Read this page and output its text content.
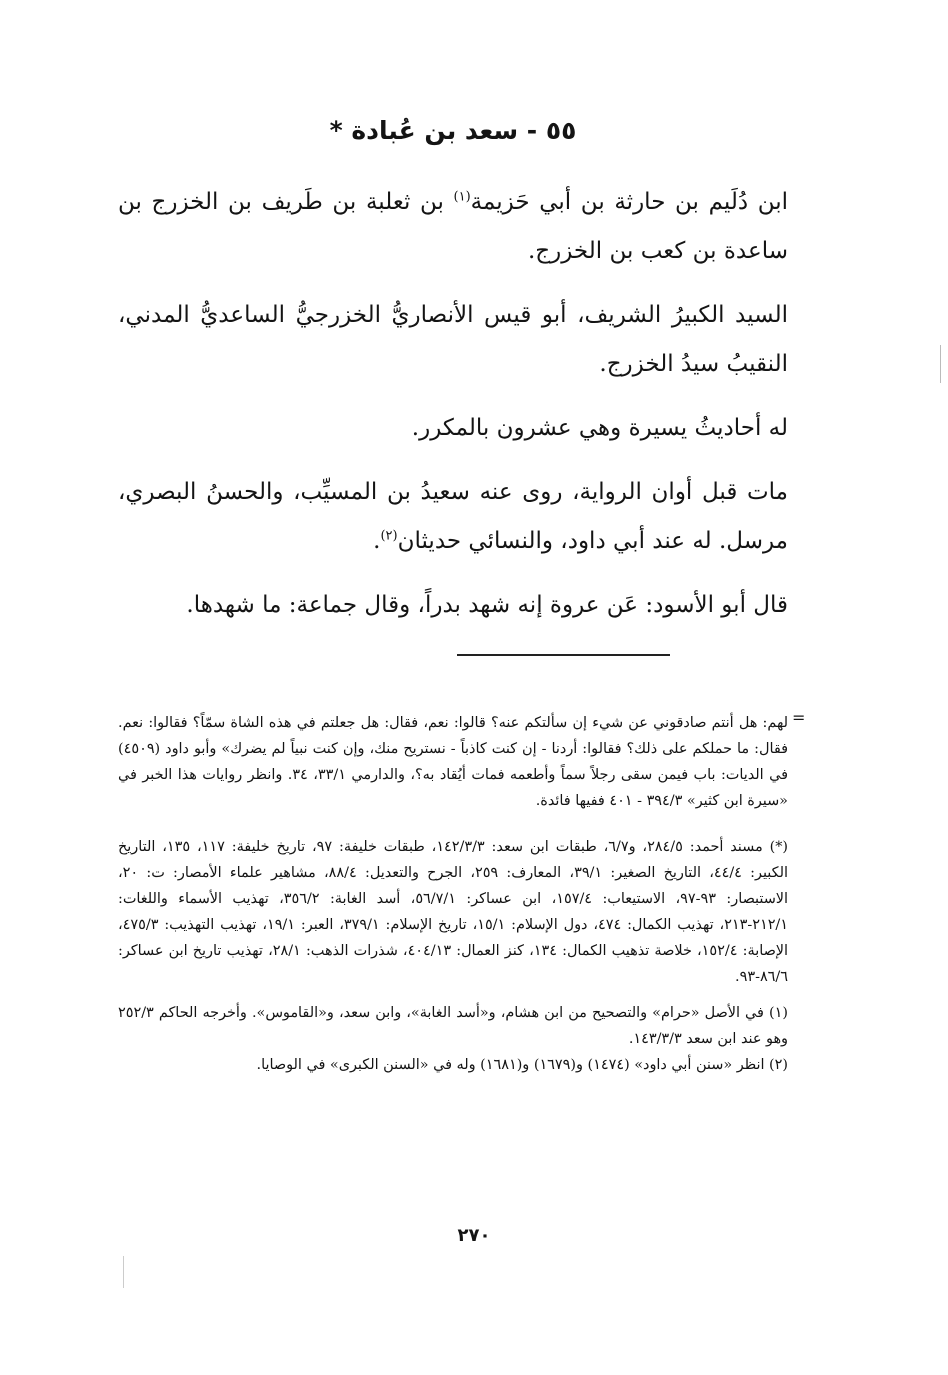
٥٥ - سعد بن عُبادة *

ابن دُلَيم بن حارثة بن أبي حَزيمة$^{(١)}$ بن ثعلبة بن طَريف بن الخزرج بن ساعدة بن كعب بن الخزرج.

السيد الكبيرُ الشريف، أبو قيس الأنصاريُّ الخزرجيُّ الساعديُّ المدني، النقيبُ سيدُ الخزرج.

له أحاديثُ يسيرة وهي عشرون بالمكرر.

مات قبل أوان الرواية، روى عنه سعيدُ بن المسيِّب، والحسنُ البصري، مرسل. له عند أبي داود، والنسائي حديثان$^{(٢)}$.

قال أبو الأسود: عَن عروة إنه شهد بدراً، وقال جماعة: ما شهدها.

=

لهم: هل أنتم صادقوني عن شيء إن سألتكم عنه؟ قالوا: نعم، فقال: هل جعلتم في هذه الشاة سمّاً؟ فقالوا: نعم. فقال: ما حملكم على ذلك؟ فقالوا: أردنا - إن كنت كاذباً - نستريح منك، وإن كنت نبياً لم يضرك» وأبو داود (٤٥٠٩) في الديات: باب فيمن سقى رجلاً سماً وأطعمه فمات أيُقاد به؟، والدارمي ٣٣/١، ٣٤. وانظر روايات هذا الخبر في «سيرة ابن كثير» ٣٩٤/٣ - ٤٠١ ففيها فائدة.

(*) مسند أحمد: ٢٨٤/٥، و٦/٧، طبقات ابن سعد: ١٤٢/٣/٣، طبقات خليفة: ٩٧، تاريخ خليفة: ١١٧، ١٣٥، التاريخ الكبير: ٤٤/٤، التاريخ الصغير: ٣٩/١، المعارف: ٢٥٩، الجرح والتعديل: ٨٨/٤، مشاهير علماء الأمصار: ت: ٢٠، الاستبصار: ٩٣-٩٧، الاستيعاب: ١٥٧/٤، ابن عساكر: ٥٦/٧/١، أسد الغابة: ٣٥٦/٢، تهذيب الأسماء واللغات: ٢١٢/١-٢١٣، تهذيب الكمال: ٤٧٤، دول الإسلام: ١٥/١، تاريخ الإسلام: ٣٧٩/١، العبر: ١٩/١، تهذيب التهذيب: ٤٧٥/٣، الإصابة: ١٥٢/٤، خلاصة تذهيب الكمال: ١٣٤، كنز العمال: ٤٠٤/١٣، شذرات الذهب: ٢٨/١، تهذيب تاريخ ابن عساكر: ٨٦/٦-٩٣.

(١) في الأصل «حرام» والتصحيح من ابن هشام، و«أسد الغابة»، وابن سعد، و«القاموس». وأخرجه الحاكم ٢٥٢/٣ وهو عند ابن سعد ١٤٣/٣/٣.

(٢) انظر «سنن أبي داود» (١٤٧٤) و(١٦٧٩) و(١٦٨١) وله في «السنن الكبرى» في الوصايا.

٢٧٠
